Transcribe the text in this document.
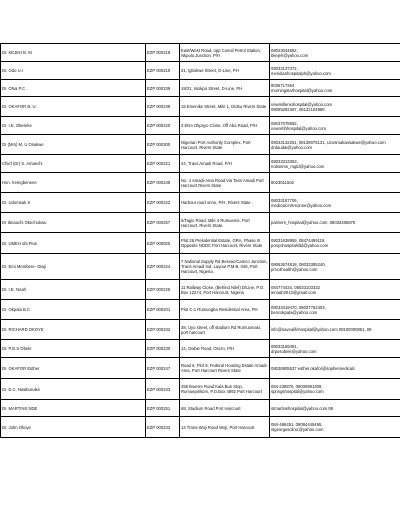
Dr. KEJEH B. M	EZP 000218	East/West Road, opp Conoil Petrol Station, Nkpulu Junction, P/H	08023044592,
bkejeh@yahoo.com

Dr. Odo U.I	EZP 000219	21, Igbokwe Street, D-Line, PH	08033137372 ,
meridianhospitalph@yahoo.com

Dr. Ohia P.C	EZP 000239	19/21, Isiokpo Street, D-Line, PH	8036717364
morningstarhospital@yahoo.com

Dr. OKAFOR B. U.	EZP 000249	15 Emenike Street, Mile 1, Diobu Rivers State	newmilleniohospital@yahoo.com
08089292397, 08132104968

Dr. I.E. Okereke	EZP 000220	3 Etim Okpoyo Close, Off Aba Road, P/H	08037078692,
newortihhospital@yahoo.com

Dr (Mrs) M. U Osakwe	EZP 000300	Nigerian Port Authority Complex, Port Harcourt, Rivers State	08033132261, 08138075131, Ucosmakaosakwe@yahoo.com
drdaudai@yahoo.com

Chief (Dr) S. Amaechi	EZP 000221	44, Trans Amadi Road, P/H	08033313363,
nobsems_mgtd@yahoo.com

Hon. Iremgbenene	EZP 000245	No. 4 Amadi-Ama Road Via Tans Amadi Port Harcourt Rivers State	8023011502

Dr. Udomsak S	EZP 000222	Harbour road onne, P/H, Rivers State .	08033167706,
medicalcentreonne@yahoo.com

Dr Ibeauchi Okechukwu	EZP 000257	5/Tagio Road, Mile 4 Rumueme, Port Harcourt, Rivers State.	palmers_hospital@yahoo.com, 08033406876

Dr. UMEH obi Pius	EZP 000020	Plot 26 Presidential Estate, GRA, Phase III Opposite NDDC Port Harcourt, Rivers State	08031638959, 08474499119,
ponyohospitalsltd@yahoo.com

Dr. Emi Membere- Otaji	EZP 000224	7 National Supply Rd Besvac/Camco Junction, Trans Amadi Ind. Layout P.M.B. 046, Port Harcourt, Nigeria.	08063674818, 08033395240,
pmc4health@yahoo.com

Dr. I.E. Noah	EZP 000225	11 Railway Close, (Behind Nitel) D/Line, P.O. Box 12274, Port Harcourt, Nigeria	084774434, 08033103332
ienoah2013@gmail.com

Dr. Okpala B.C	EZP 000201	Plot C-1 Rumuogba Residential Area, PH	08033419470, 08037752403,
bencokpala@yahoo.com

Dr. RICHARD OKOYE	EZP 000232	38, Uyo street, off stadium Rd Rumuomasi, port harcourt	info@savealifehospital@yahoo.com 08100000851, 08

Dr. P.O.S Obele	EZP 000230	14, Owbie Road, Orozo, P/H	08033169491,
drposobele@yahoo.com

Dr. OKAFOR Esther	EZP 000247	Road 6, Plot 9, Federal Housing Estate Amadi-Ama, Port Harcourt Rivers State	08038905537 esther.okafor@sophiemedicalc

Dr. E.C. Nwaburuike	EZP 000233	458 Ikwerre Road Kala Bus Stop, Rumuepirikom, P.O.Box 4892 Port Harcourt	084-238870, 08030891309,
springshospital@yahoo.com

Dr. MARTINS NDE	EZP 000251	68, Stadium Road Port Harcourt	stmartinshospital@yahoo.com 08

Dr. John Okoye	EZP 000233	14 Trans-Woji Road Woji, Port Harcourt	084-486451, 08084445495,
stgeorgesclinic@yahoo.com
